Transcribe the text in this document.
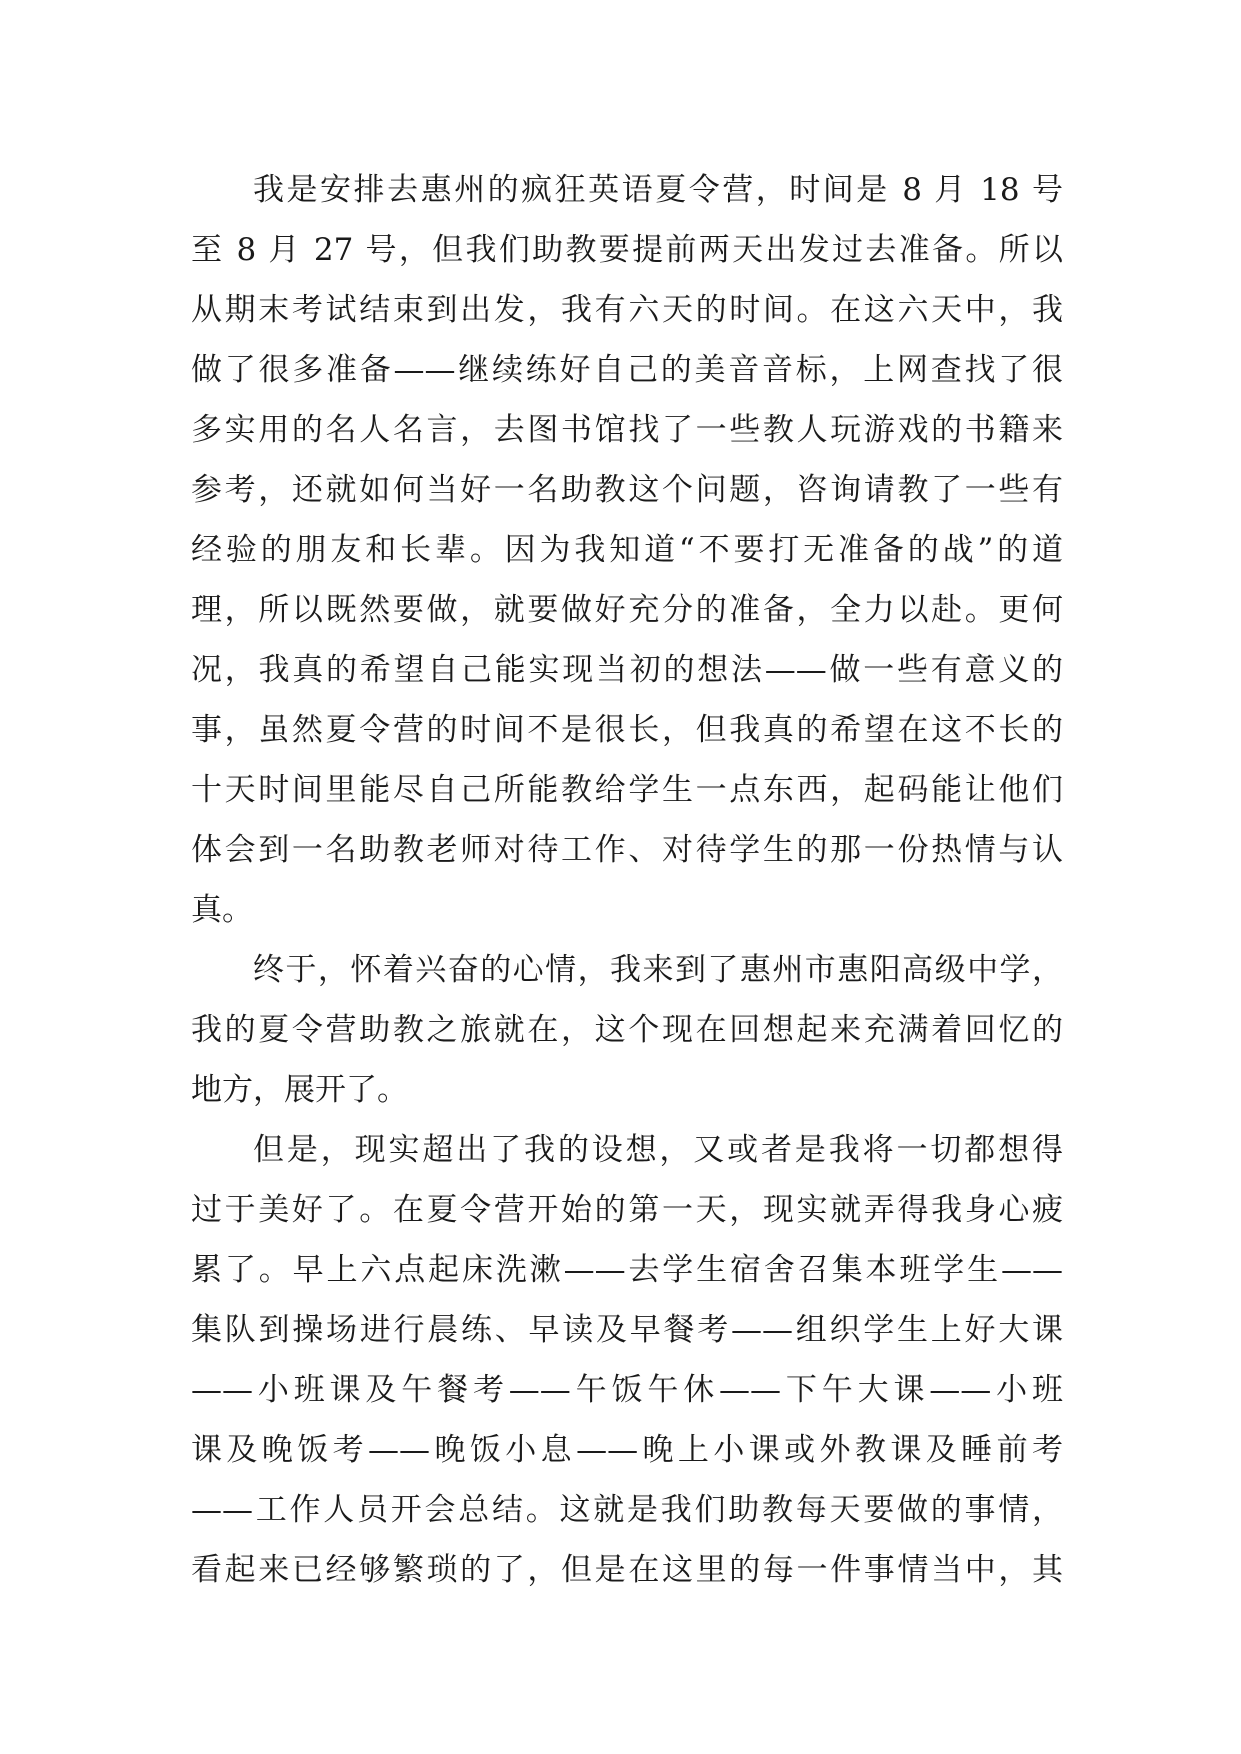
我是安排去惠州的疯狂英语夏令营，时间是 8 月 18 号
至 8 月 27 号，但我们助教要提前两天出发过去准备。所以
从期末考试结束到出发，我有六天的时间。在这六天中，我
做了很多准备——继续练好自己的美音音标，上网查找了很
多实用的名人名言，去图书馆找了一些教人玩游戏的书籍来
参考，还就如何当好一名助教这个问题，咨询请教了一些有
经验的朋友和长辈。因为我知道“不要打无准备的战”的道
理，所以既然要做，就要做好充分的准备，全力以赴。更何
况，我真的希望自己能实现当初的想法——做一些有意义的
事，虽然夏令营的时间不是很长，但我真的希望在这不长的
十天时间里能尽自己所能教给学生一点东西，起码能让他们
体会到一名助教老师对待工作、对待学生的那一份热情与认
真。
终于，怀着兴奋的心情，我来到了惠州市惠阳高级中学，
我的夏令营助教之旅就在，这个现在回想起来充满着回忆的
地方，展开了。
但是，现实超出了我的设想，又或者是我将一切都想得
过于美好了。在夏令营开始的第一天，现实就弄得我身心疲
累了。早上六点起床洗漱——去学生宿舍召集本班学生——
集队到操场进行晨练、早读及早餐考——组织学生上好大课
——小班课及午餐考——午饭午休——下午大课——小班
课及晚饭考——晚饭小息——晚上小课或外教课及睡前考
——工作人员开会总结。这就是我们助教每天要做的事情，
看起来已经够繁琐的了，但是在这里的每一件事情当中，其
